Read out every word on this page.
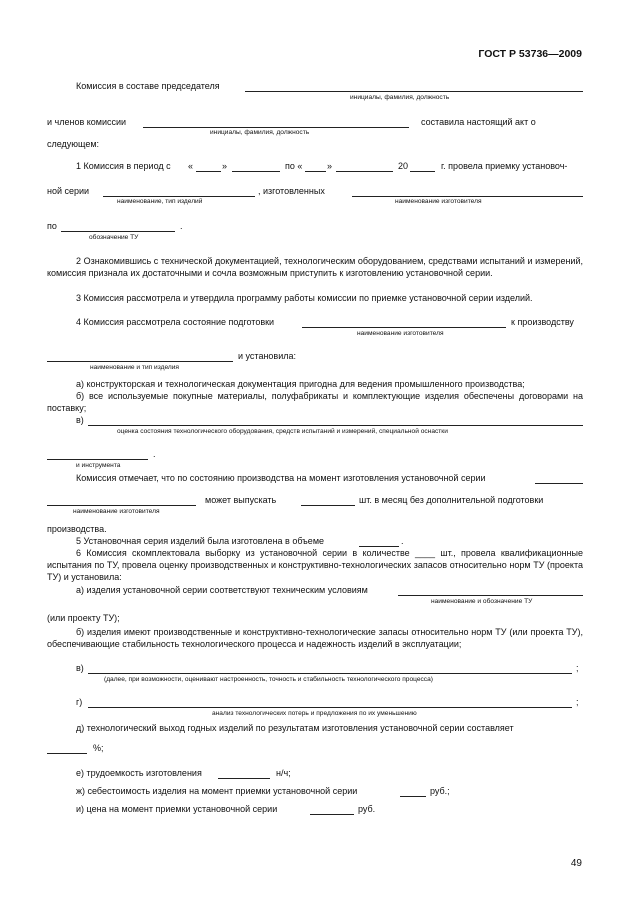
ГОСТ Р 53736—2009
Комиссия в составе председателя
инициалы, фамилия, должность
и членов комиссии	составила настоящий акт о
инициалы, фамилия, должность
следующем:
1 Комиссия в период с «	»	по «	»	20	г. провела приемку установоч-
ной серии	, изготовленных
наименование, тип изделий	наименование изготовителя
по	.
обозначение ТУ
2 Ознакомившись с технической документацией, технологическим оборудованием, средствами испытаний и измерений, комиссия признала их достаточными и сочла возможным приступить к изготовлению установочной серии.
3 Комиссия рассмотрела и утвердила программу работы комиссии по приемке установочной серии изделий.
4 Комиссия рассмотрела состояние подготовки	к производству
наименование изготовителя
и установила:
наименование и тип изделия
а) конструкторская и технологическая документация пригодна для ведения промышленного производства;
б) все используемые покупные материалы, полуфабрикаты и комплектующие изделия обеспечены договорами на поставку;
в)
оценка состояния технологического оборудования, средств испытаний и измерений, специальной оснастки
.
и инструмента
Комиссия отмечает, что по состоянию производства на момент изготовления установочной серии
может выпускать	шт. в месяц без дополнительной подготовки
наименование изготовителя
производства.
5 Установочная серия изделий была изготовлена в объеме	.
6 Комиссия скомплектовала выборку из установочной серии в количестве ____ шт., провела квалификационные испытания по ТУ, провела оценку производственных и конструктивно-технологических запасов относительно норм ТУ (проекта ТУ) и установила:
а) изделия установочной серии соответствуют техническим условиям
наименование и обозначение ТУ
(или проекту ТУ);
б) изделия имеют производственные и конструктивно-технологические запасы относительно норм ТУ (или проекта ТУ), обеспечивающие стабильность технологического процесса и надежность изделий в эксплуатации;
в)	;
(далее, при возможности, оценивают настроенность, точность и стабильность технологического процесса)
г)	;
анализ технологических потерь и предложения по их уменьшению
д) технологический выход годных изделий по результатам изготовления установочной серии составляет
%;
е) трудоемкость изготовления	н/ч;
ж) себестоимость изделия на момент приемки установочной серии	руб.;
и) цена на момент приемки установочной серии	руб.
49
